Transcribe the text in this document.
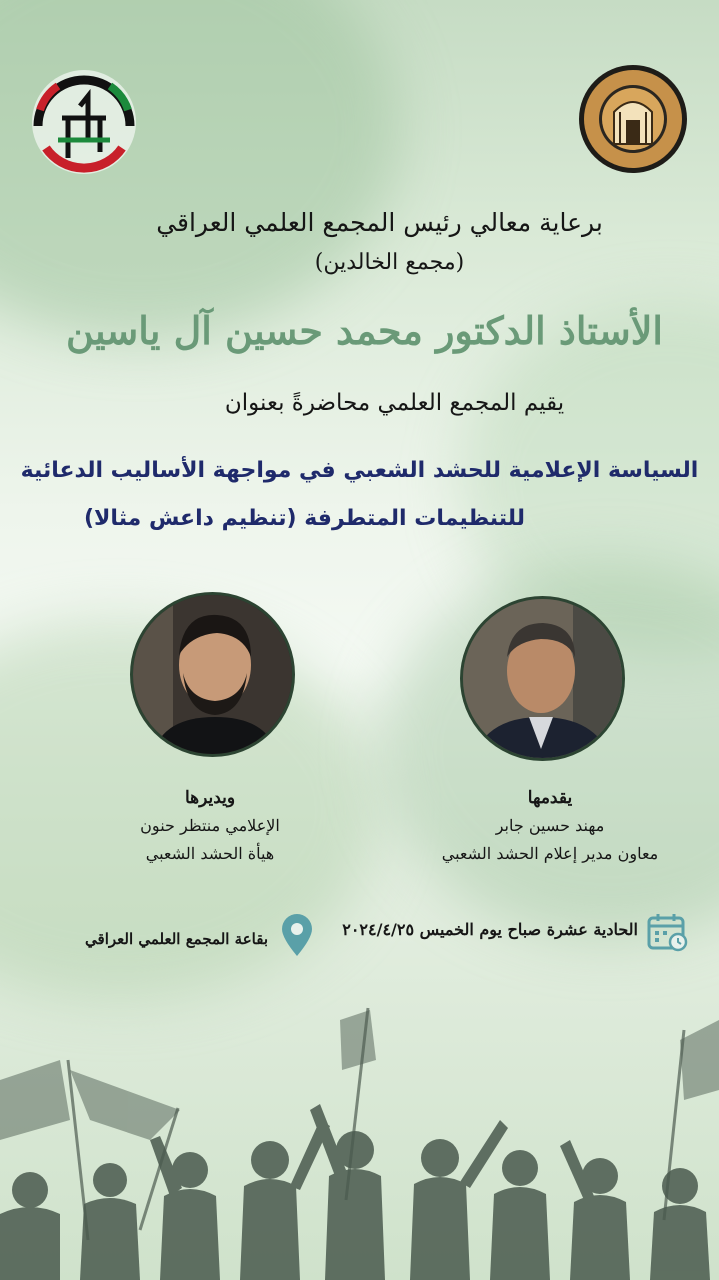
برعاية معالي رئيس المجمع العلمي العراقي
(مجمع الخالدين)
الأستاذ الدكتور محمد حسين آل ياسين
يقيم المجمع العلمي محاضرةً بعنوان
السياسة الإعلامية للحشد الشعبي في مواجهة الأساليب الدعائية
للتنظيمات المتطرفة (تنظيم داعش مثالا)
ويديرها
الإعلامي منتظر حنون
هيأة الحشد الشعبي
يقدمها
مهند حسين جابر
معاون مدير إعلام الحشد الشعبي
الحادية عشرة صباح يوم الخميس ٢٠٢٤/٤/٢٥
بقاعة المجمع العلمي العراقي
